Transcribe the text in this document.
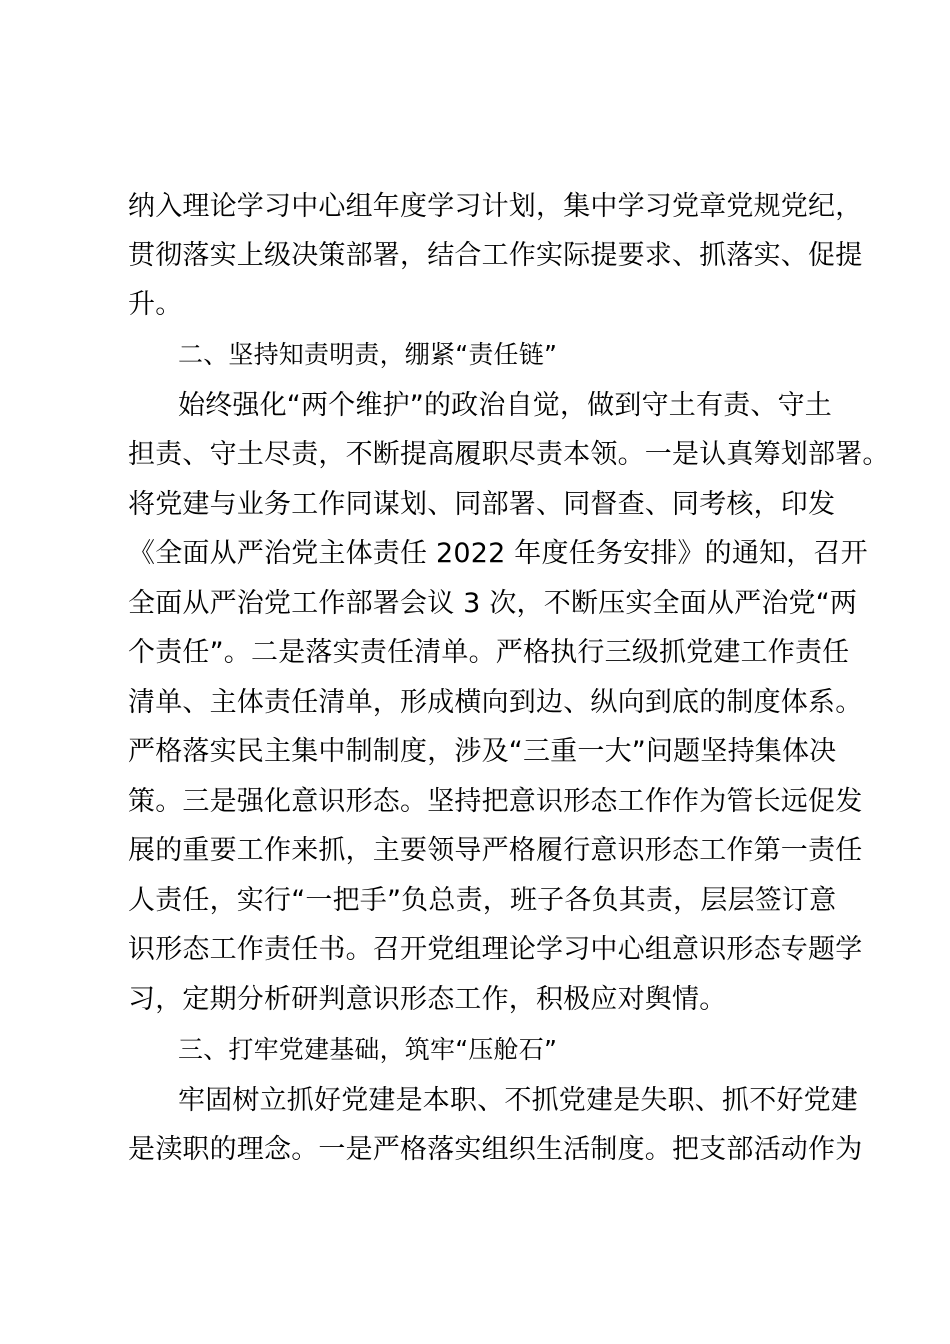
纳入理论学习中心组年度学习计划，集中学习党章党规党纪，
贯彻落实上级决策部署，结合工作实际提要求、抓落实、促提
升。
二、坚持知责明责，绷紧“责任链”
始终强化“两个维护”的政治自觉，做到守土有责、守土
担责、守土尽责，不断提高履职尽责本领。一是认真筹划部署。
将党建与业务工作同谋划、同部署、同督查、同考核，印发
《全面从严治党主体责任 2022 年度任务安排》的通知，召开
全面从严治党工作部署会议 3 次，不断压实全面从严治党“两
个责任”。二是落实责任清单。严格执行三级抓党建工作责任
清单、主体责任清单，形成横向到边、纵向到底的制度体系。
严格落实民主集中制制度，涉及“三重一大”问题坚持集体决
策。三是强化意识形态。坚持把意识形态工作作为管长远促发
展的重要工作来抓，主要领导严格履行意识形态工作第一责任
人责任，实行“一把手”负总责，班子各负其责，层层签订意
识形态工作责任书。召开党组理论学习中心组意识形态专题学
习，定期分析研判意识形态工作，积极应对舆情。
三、打牢党建基础，筑牢“压舱石”
牢固树立抓好党建是本职、不抓党建是失职、抓不好党建
是渎职的理念。一是严格落实组织生活制度。把支部活动作为
